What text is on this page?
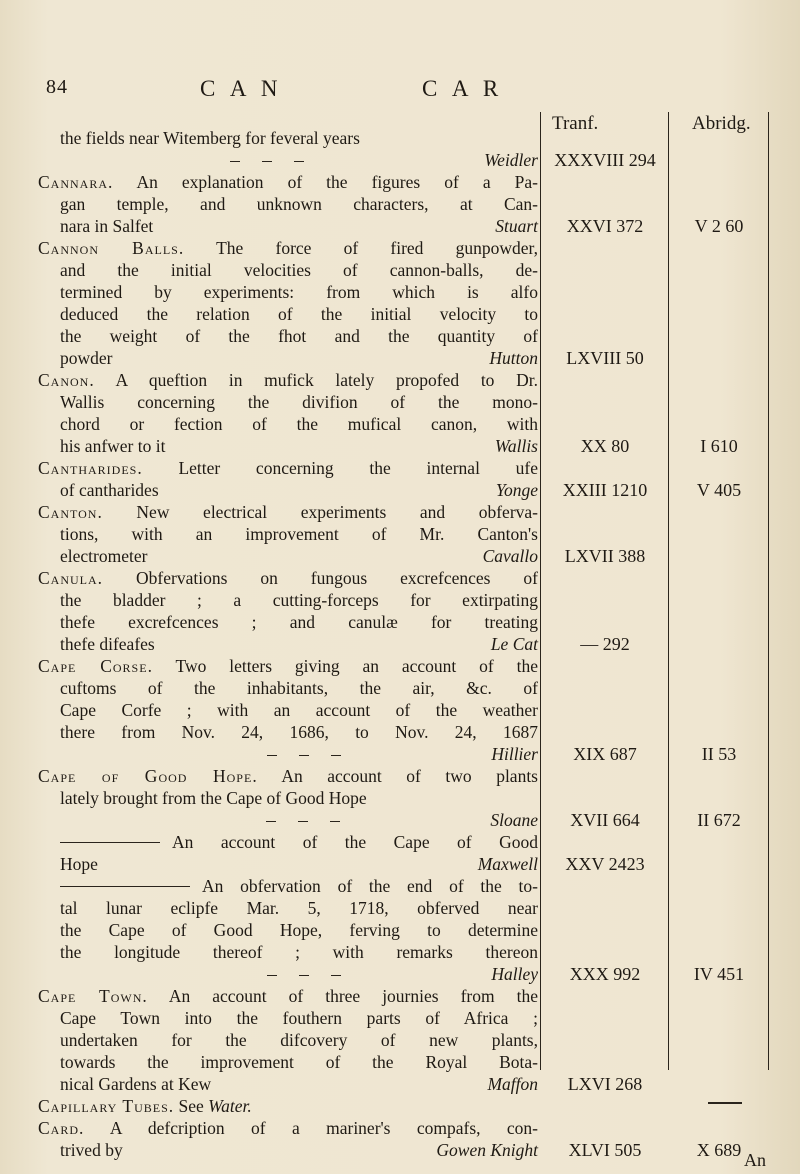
84	C A N	C A R
Tranf.	Abridg.
the fields near Witemberg for feveral years
Weidler XXXVIII 294
Cannara. An explanation of the figures of a Pa-
gan temple, and unknown characters, at Can-
nara in Salfet	Stuart	XXVI 372	V 2 60
Cannon Balls. The force of fired gunpowder,
and the initial velocities of cannon-balls, de-
termined by experiments: from which is alfo
deduced the relation of the initial velocity to
the weight of the fhot and the quantity of
powder	Hutton	LXVIII 50
Canon. A queftion in mufick lately propofed to Dr.
Wallis concerning the divifion of the mono-
chord or fection of the mufical canon, with
his anfwer to it	Wallis	XX 80	I 610
Cantharides. Letter concerning the internal ufe
of cantharides	Yonge	XXIII 1210	V 405
Canton. New electrical experiments and obferva-
tions, with an improvement of Mr. Canton's
electrometer	Cavallo	LXVII 388
Canula. Obfervations on fungous excrefcences of
the bladder ; a cutting-forceps for extirpating
thefe excrefcences ; and canulæ for treating
thefe difeafes	Le Cat	— 292
Cape Corse. Two letters giving an account of the
cuftoms of the inhabitants, the air, &c. of
Cape Corfe ; with an account of the weather
there from Nov. 24, 1686, to Nov. 24, 1687
Hillier	XIX 687	II 53
Cape of Good Hope. An account of two plants
lately brought from the Cape of Good Hope
Sloane	XVII 664	II 672
An account of the Cape of Good
Hope	Maxwell	XXV 2423
An obfervation of the end of the to-
tal lunar eclipfe Mar. 5, 1718, obferved near
the Cape of Good Hope, ferving to determine
the longitude thereof ; with remarks thereon
Halley	XXX 992	IV 451
Cape Town. An account of three journies from the
Cape Town into the fouthern parts of Africa ;
undertaken for the difcovery of new plants,
towards the improvement of the Royal Bota-
nical Gardens at Kew	Maffon	LXVI 268
Capillary Tubes. See Water.
Card. A defcription of a mariner's compafs, con-
trived by	Gowen Knight	XLVI 505	X 689 An
